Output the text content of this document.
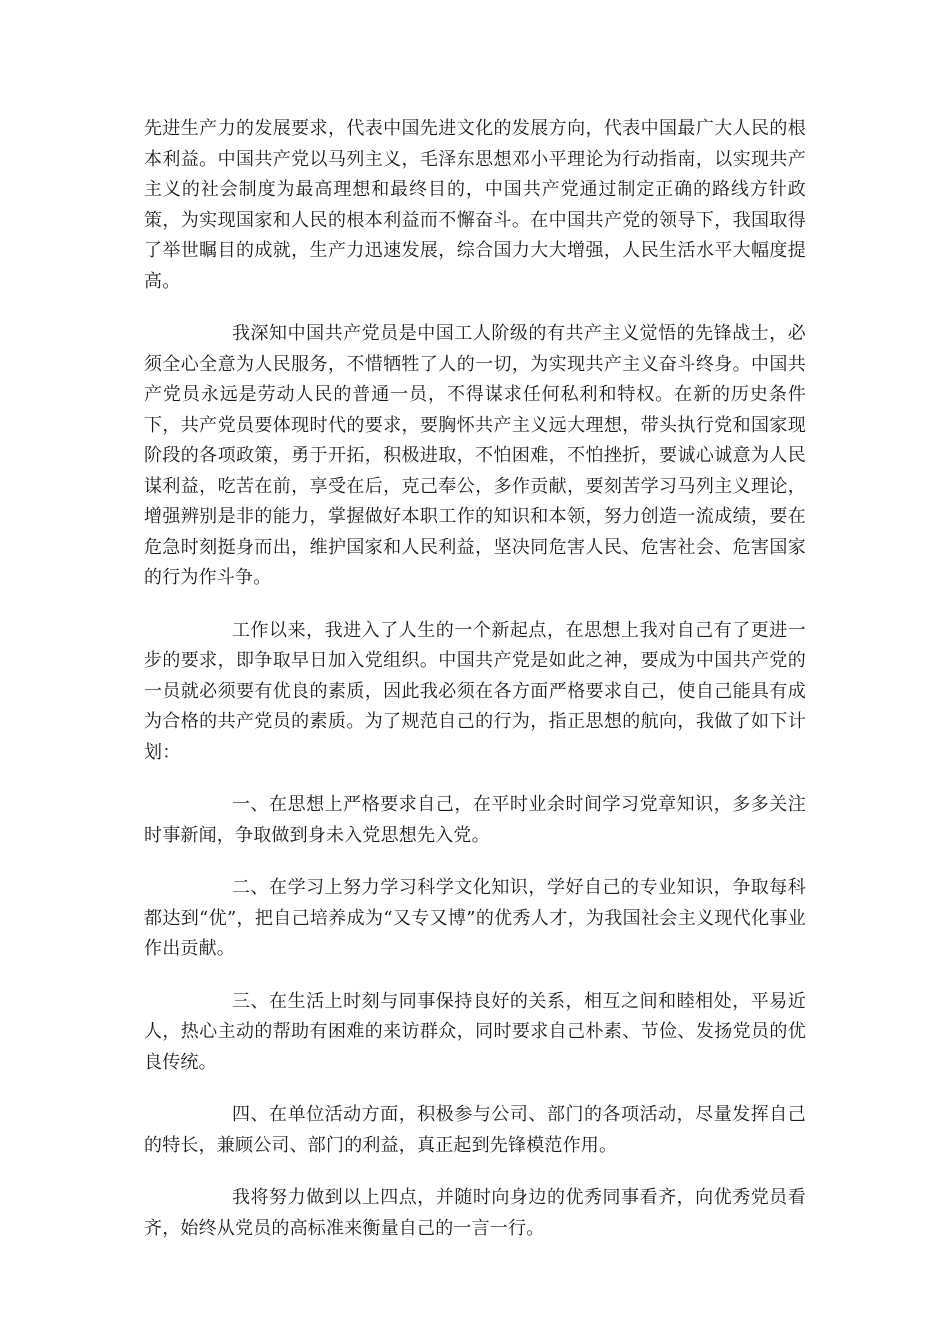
先进生产力的发展要求，代表中国先进文化的发展方向，代表中国最广大人民的根本利益。中国共产党以马列主义，毛泽东思想邓小平理论为行动指南，以实现共产主义的社会制度为最高理想和最终目的，中国共产党通过制定正确的路线方针政策，为实现国家和人民的根本利益而不懈奋斗。在中国共产党的领导下，我国取得了举世瞩目的成就，生产力迅速发展，综合国力大大增强，人民生活水平大幅度提高。

我深知中国共产党员是中国工人阶级的有共产主义觉悟的先锋战士，必须全心全意为人民服务，不惜牺牲了人的一切，为实现共产主义奋斗终身。中国共产党员永远是劳动人民的普通一员，不得谋求任何私利和特权。在新的历史条件下，共产党员要体现时代的要求，要胸怀共产主义远大理想，带头执行党和国家现阶段的各项政策，勇于开拓，积极进取，不怕困难，不怕挫折，要诚心诚意为人民谋利益，吃苦在前，享受在后，克己奉公，多作贡献，要刻苦学习马列主义理论，增强辨别是非的能力，掌握做好本职工作的知识和本领，努力创造一流成绩，要在危急时刻挺身而出，维护国家和人民利益，坚决同危害人民、危害社会、危害国家的行为作斗争。

工作以来，我进入了人生的一个新起点，在思想上我对自己有了更进一步的要求，即争取早日加入党组织。中国共产党是如此之神，要成为中国共产党的一员就必须要有优良的素质，因此我必须在各方面严格要求自己，使自己能具有成为合格的共产党员的素质。为了规范自己的行为，指正思想的航向，我做了如下计划：

一、在思想上严格要求自己，在平时业余时间学习党章知识，多多关注时事新闻，争取做到身未入党思想先入党。

二、在学习上努力学习科学文化知识，学好自己的专业知识，争取每科都达到“优”，把自己培养成为“又专又博”的优秀人才，为我国社会主义现代化事业作出贡献。

三、在生活上时刻与同事保持良好的关系，相互之间和睦相处，平易近人，热心主动的帮助有困难的来访群众，同时要求自己朴素、节俭、发扬党员的优良传统。

四、在单位活动方面，积极参与公司、部门的各项活动，尽量发挥自己的特长，兼顾公司、部门的利益，真正起到先锋模范作用。

我将努力做到以上四点，并随时向身边的优秀同事看齐，向优秀党员看齐，始终从党员的高标准来衡量自己的一言一行。
